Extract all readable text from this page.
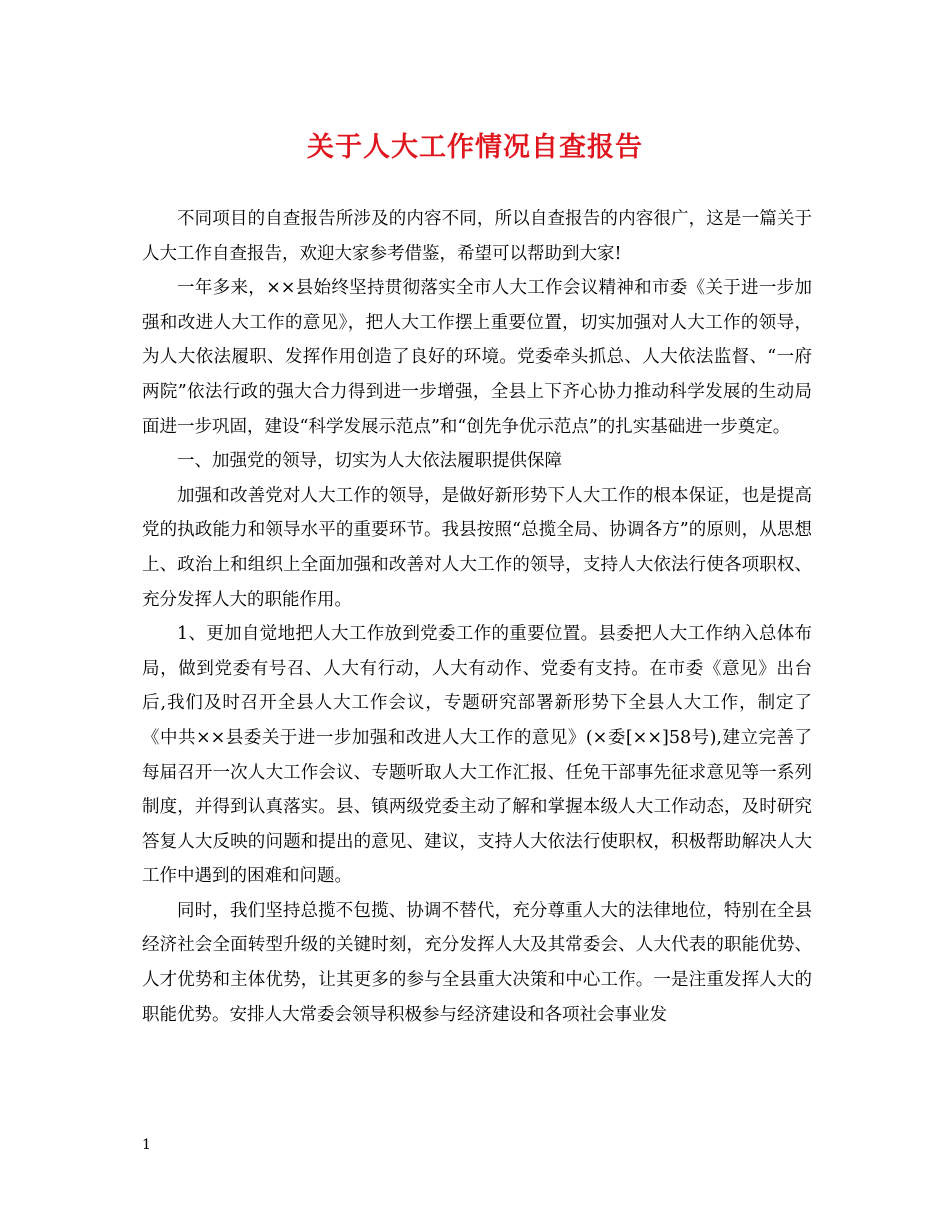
关于人大工作情况自查报告

不同项目的自查报告所涉及的内容不同，所以自查报告的内容很广，这是一篇关于人大工作自查报告，欢迎大家参考借鉴，希望可以帮助到大家!

一年多来，××县始终坚持贯彻落实全市人大工作会议精神和市委《关于进一步加强和改进人大工作的意见》，把人大工作摆上重要位置，切实加强对人大工作的领导，为人大依法履职、发挥作用创造了良好的环境。党委牵头抓总、人大依法监督、“一府两院”依法行政的强大合力得到进一步增强，全县上下齐心协力推动科学发展的生动局面进一步巩固，建设“科学发展示范点”和“创先争优示范点”的扎实基础进一步奠定。

一、加强党的领导，切实为人大依法履职提供保障

加强和改善党对人大工作的领导，是做好新形势下人大工作的根本保证，也是提高党的执政能力和领导水平的重要环节。我县按照“总揽全局、协调各方”的原则，从思想上、政治上和组织上全面加强和改善对人大工作的领导，支持人大依法行使各项职权、充分发挥人大的职能作用。

1、更加自觉地把人大工作放到党委工作的重要位置。县委把人大工作纳入总体布局，做到党委有号召、人大有行动，人大有动作、党委有支持。在市委《意见》出台后,我们及时召开全县人大工作会议，专题研究部署新形势下全县人大工作，制定了《中共××县委关于进一步加强和改进人大工作的意见》(×委[××]58号),建立完善了每届召开一次人大工作会议、专题听取人大工作汇报、任免干部事先征求意见等一系列制度，并得到认真落实。县、镇两级党委主动了解和掌握本级人大工作动态，及时研究答复人大反映的问题和提出的意见、建议，支持人大依法行使职权，积极帮助解决人大工作中遇到的困难和问题。

同时，我们坚持总揽不包揽、协调不替代，充分尊重人大的法律地位，特别在全县经济社会全面转型升级的关键时刻，充分发挥人大及其常委会、人大代表的职能优势、人才优势和主体优势，让其更多的参与全县重大决策和中心工作。一是注重发挥人大的职能优势。安排人大常委会领导积极参与经济建设和各项社会事业发

1
